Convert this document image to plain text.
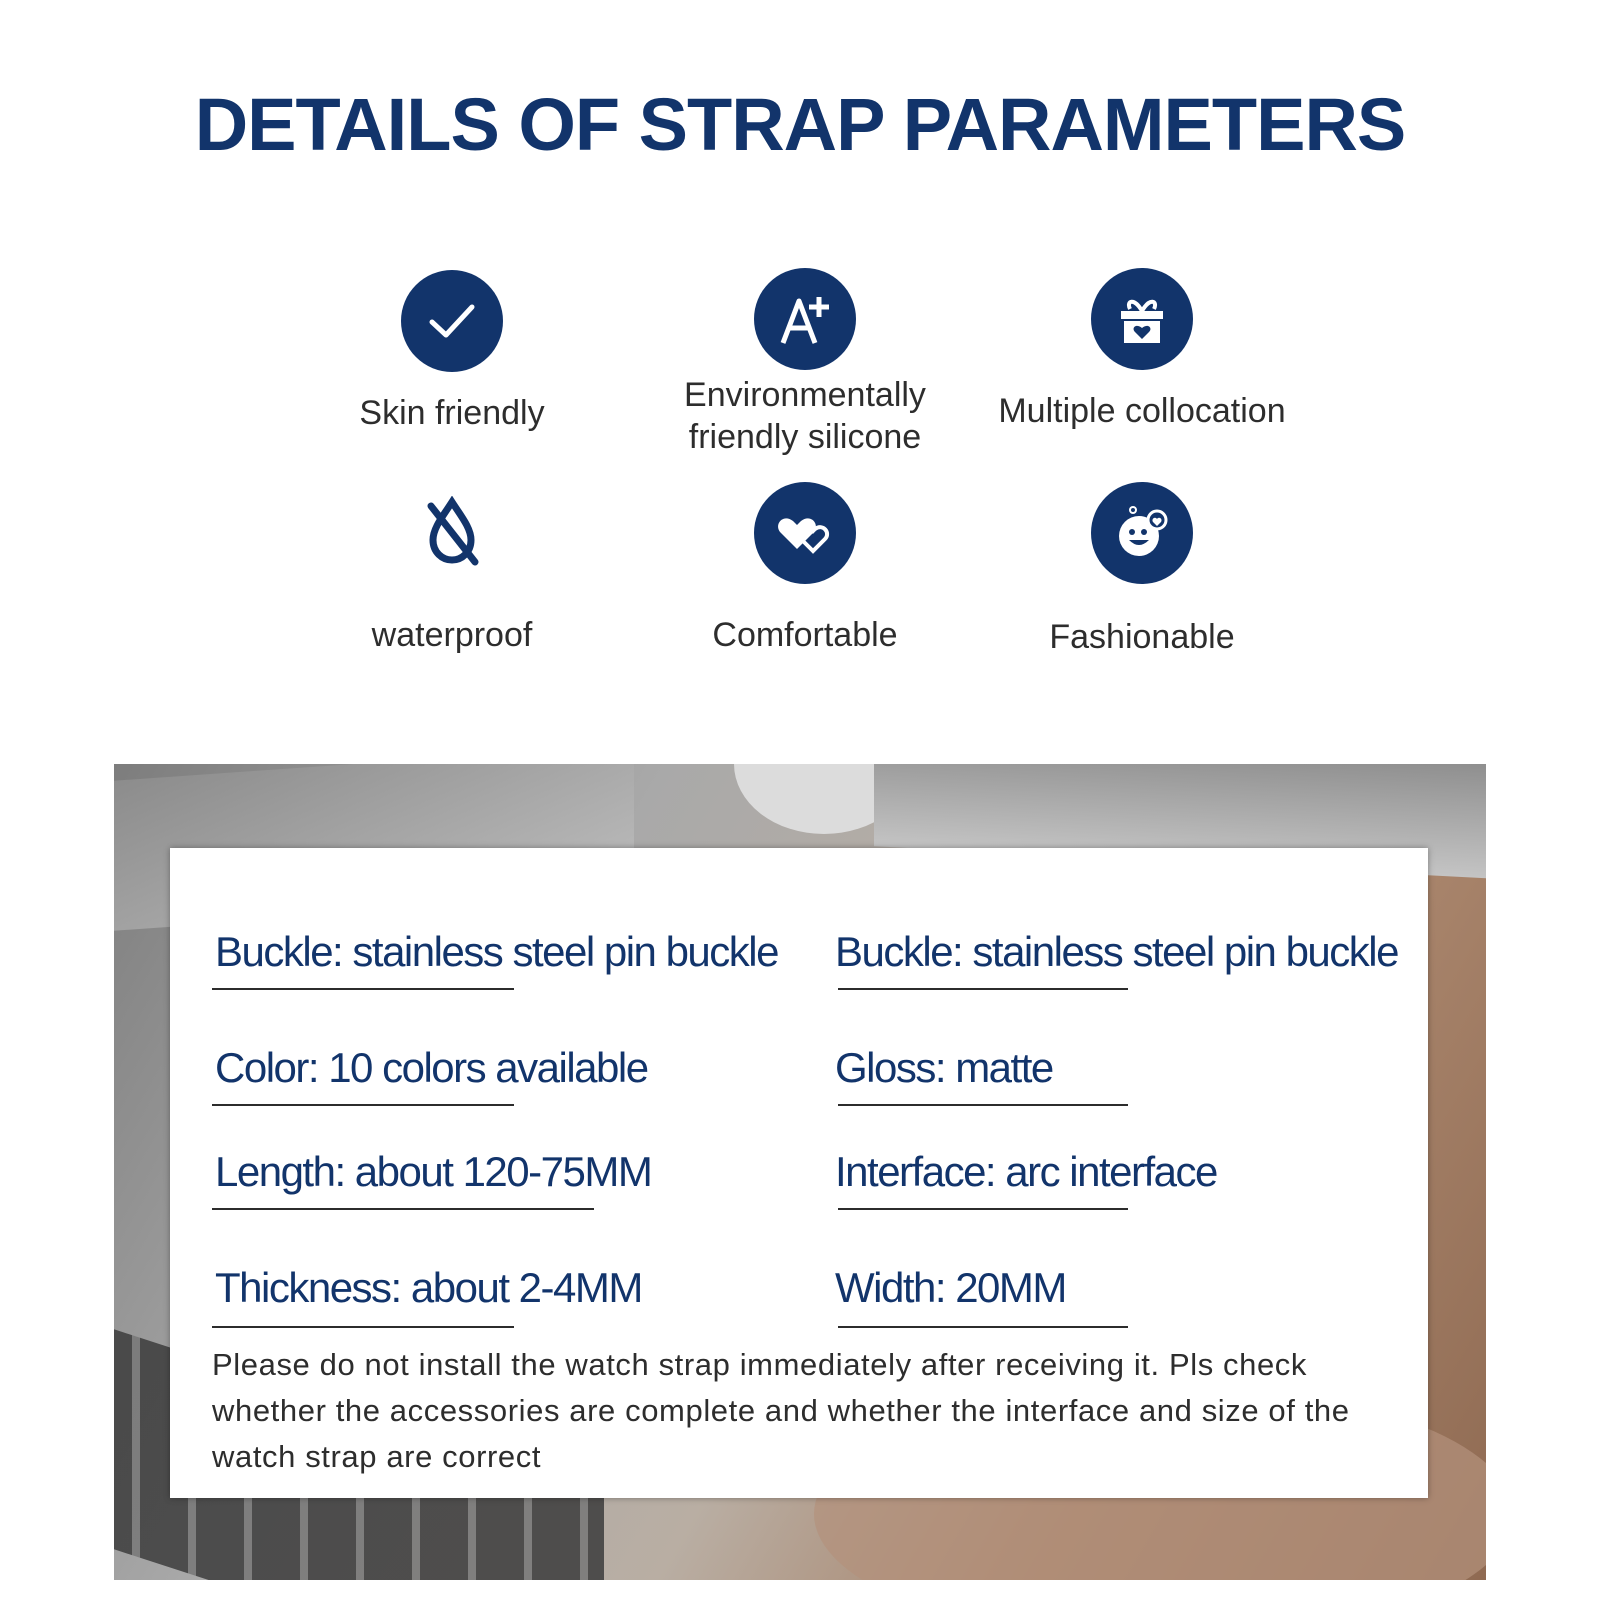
DETAILS OF STRAP PARAMETERS
Skin friendly	Environmentally
friendly silicone
Multiple collocation
waterproof	Comfortable	Fashionable
Buckle: stainless steel pin buckle Buckle: stainless steel pin buckle
Color: 10 colors available	Gloss: matte
Length: about 120-75MM	Interface: arc interface
Thickness: about 2-4MM	Width: 20MM

Please do not install the watch strap immediately after receiving it. Pls check whether the accessories are complete and whether the interface and size of the watch strap are correct
